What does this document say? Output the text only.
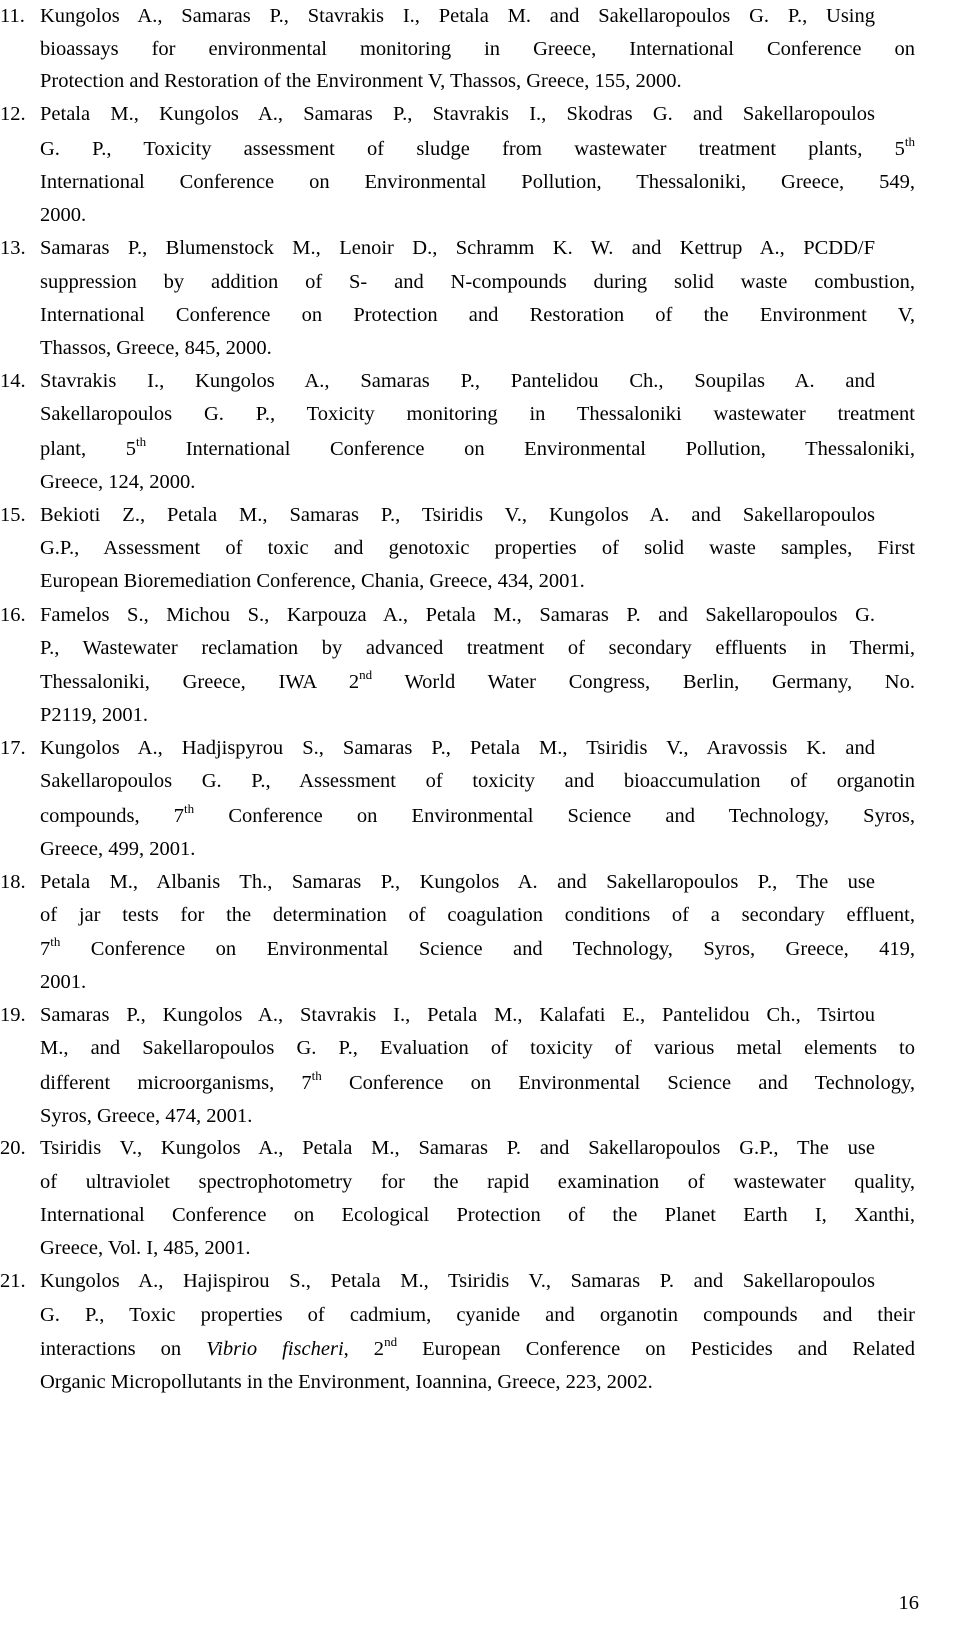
11. Kungolos A., Samaras P., Stavrakis I., Petala M. and Sakellaropoulos G. P., Using
bioassays for environmental monitoring in Greece, International Conference on
Protection and Restoration of the Environment V, Thassos, Greece, 155, 2000.
12. Petala M., Kungolos A., Samaras P., Stavrakis I., Skodras G. and Sakellaropoulos
G. P., Toxicity assessment of sludge from wastewater treatment plants, 5th
International Conference on Environmental Pollution, Thessaloniki, Greece, 549,
2000.
13. Samaras P., Blumenstock M., Lenoir D., Schramm K. W. and Kettrup A., PCDD/F
suppression by addition of S- and N-compounds during solid waste combustion,
International Conference on Protection and Restoration of the Environment V,
Thassos, Greece, 845, 2000.
14. Stavrakis I., Kungolos A., Samaras P., Pantelidou Ch., Soupilas A. and
Sakellaropoulos G. P., Toxicity monitoring in Thessaloniki wastewater treatment
plant, 5th International Conference on Environmental Pollution, Thessaloniki,
Greece, 124, 2000.
15. Bekioti Z., Petala M., Samaras P., Tsiridis V., Kungolos A. and Sakellaropoulos
G.P., Assessment of toxic and genotoxic properties of solid waste samples, First
European Bioremediation Conference, Chania, Greece, 434, 2001.
16. Famelos S., Michou S., Karpouza A., Petala M., Samaras P. and Sakellaropoulos G.
P., Wastewater reclamation by advanced treatment of secondary effluents in Thermi,
Thessaloniki, Greece, IWA 2nd World Water Congress, Berlin, Germany, No.
P2119, 2001.
17. Kungolos A., Hadjispyrou S., Samaras P., Petala M., Tsiridis V., Aravossis K. and
Sakellaropoulos G. P., Assessment of toxicity and bioaccumulation of organotin
compounds, 7th Conference on Environmental Science and Technology, Syros,
Greece, 499, 2001.
18. Petala M., Albanis Th., Samaras P., Kungolos A. and Sakellaropoulos P., The use
of jar tests for the determination of coagulation conditions of a secondary effluent,
7th Conference on Environmental Science and Technology, Syros, Greece, 419,
2001.
19. Samaras P., Kungolos A., Stavrakis I., Petala M., Kalafati E., Pantelidou Ch., Tsirtou
M., and Sakellaropoulos G. P., Evaluation of toxicity of various metal elements to
different microorganisms, 7th Conference on Environmental Science and Technology,
Syros, Greece, 474, 2001.
20. Tsiridis V., Kungolos A., Petala M., Samaras P. and Sakellaropoulos G.P., The use
of ultraviolet spectrophotometry for the rapid examination of wastewater quality,
International Conference on Ecological Protection of the Planet Earth I, Xanthi,
Greece, Vol. I, 485, 2001.
21. Kungolos A., Hajispirou S., Petala M., Tsiridis V., Samaras P. and Sakellaropoulos
G. P., Toxic properties of cadmium, cyanide and organotin compounds and their
interactions on Vibrio fischeri, 2nd European Conference on Pesticides and Related
Organic Micropollutants in the Environment, Ioannina, Greece, 223, 2002.
16
